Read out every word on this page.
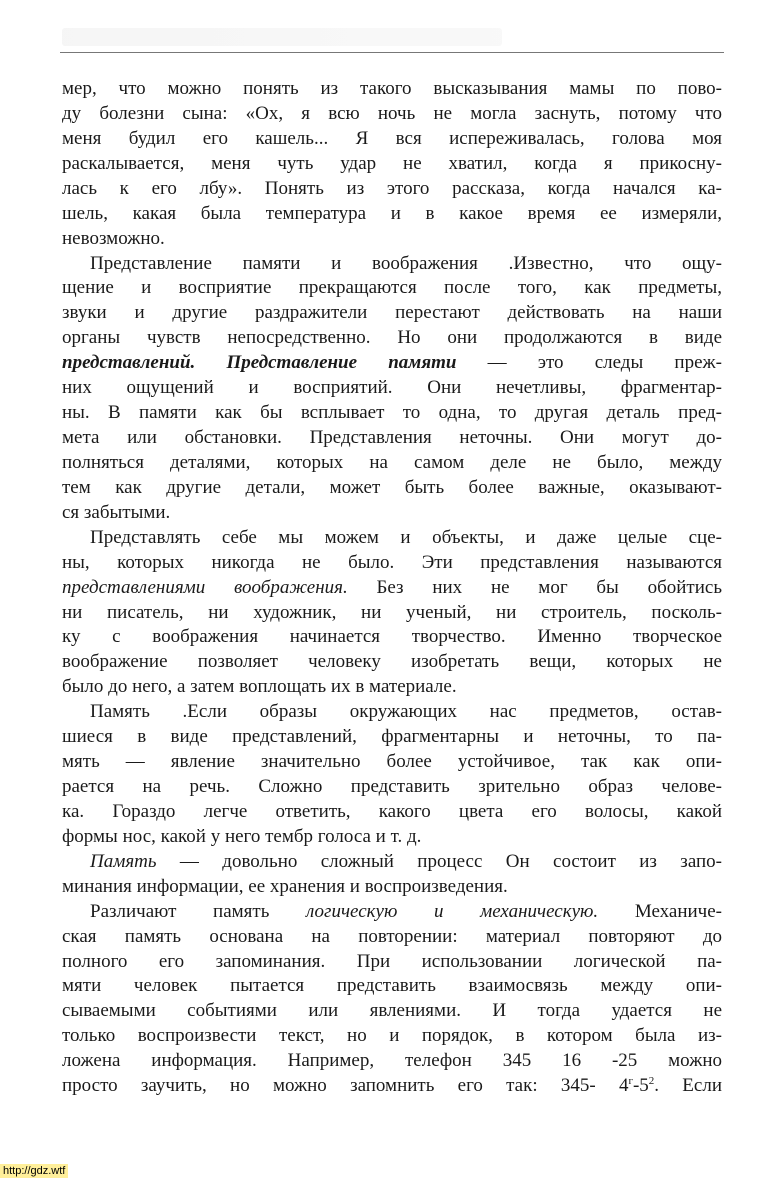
мер, что можно понять из такого высказывания мамы по пово-
ду болезни сына: «Ох, я всю ночь не могла заснуть, потому что
меня будил его кашель... Я вся испереживалась, голова моя
раскалывается, меня чуть удар не хватил, когда я прикосну-
лась к его лбу». Понять из этого рассказа, когда начался ка-
шель, какая была температура и в какое время ее измеряли,
невозможно.
Представление памяти и воображения .Известно, что ощу-
щение и восприятие прекращаются после того, как предметы,
звуки и другие раздражители перестают действовать на наши
органы чувств непосредственно. Но они продолжаются в виде
представлений. Представление памяти — это следы преж-
них ощущений и восприятий. Они нечетливы, фрагментар-
ны. В памяти как бы всплывает то одна, то другая деталь пред-
мета или обстановки. Представления неточны. Они могут до-
полняться деталями, которых на самом деле не было, между
тем как другие детали, может быть более важные, оказывают-
ся забытыми.
Представлять себе мы можем и объекты, и даже целые сце-
ны, которых никогда не было. Эти представления называются
представлениями воображения. Без них не мог бы обойтись
ни писатель, ни художник, ни ученый, ни строитель, посколь-
ку с воображения начинается творчество. Именно творческое
воображение позволяет человеку изобретать вещи, которых не
было до него, а затем воплощать их в материале.
Память .Если образы окружающих нас предметов, остав-
шиеся в виде представлений, фрагментарны и неточны, то па-
мять — явление значительно более устойчивое, так как опи-
рается на речь. Сложно представить зрительно образ челове-
ка. Гораздо легче ответить, какого цвета его волосы, какой
формы нос, какой у него тембр голоса и т. д.
Память — довольно сложный процесс Он состоит из запо-
минания информации, ее хранения и воспроизведения.
Различают память логическую и механическую. Механиче-
ская память основана на повторении: материал повторяют до
полного его запоминания. При использовании логической па-
мяти человек пытается представить взаимосвязь между опи-
сываемыми событиями или явлениями. И тогда удается не
только воспроизвести текст, но и порядок, в котором была из-
ложена информация. Например, телефон 345 16 -25 можно
просто заучить, но можно запомнить его так: 345- $4^г-5^2$. Если
http://gdz.wtf
